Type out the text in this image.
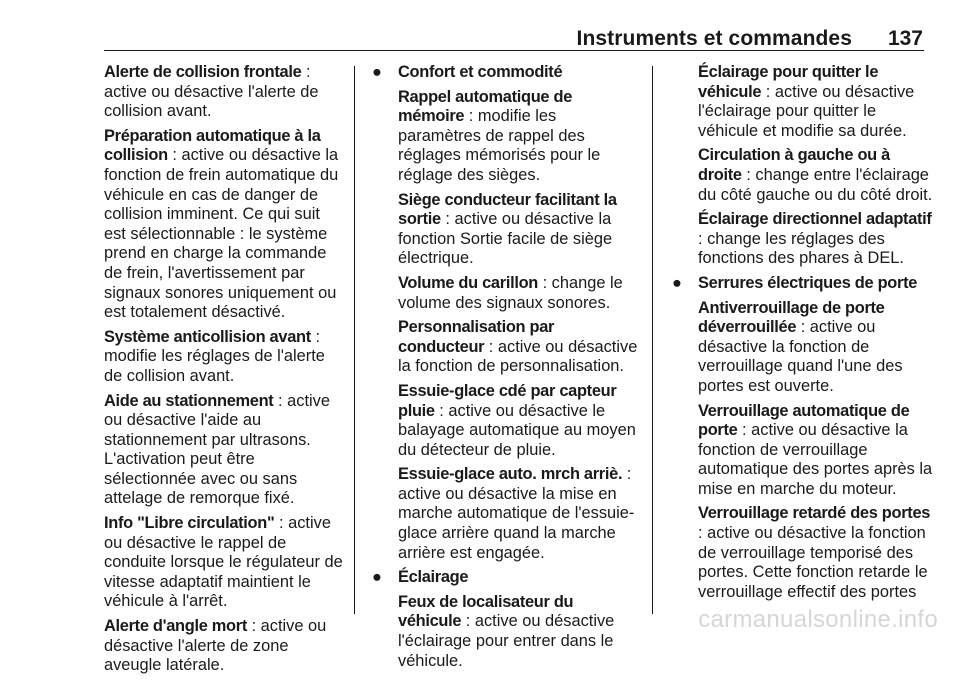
Instruments et commandes 137

Alerte de collision frontale : active ou désactive l'alerte de collision avant.

Préparation automatique à la collision : active ou désactive la fonction de frein automatique du véhicule en cas de danger de collision imminent. Ce qui suit est sélectionnable : le système prend en charge la commande de frein, l'avertissement par signaux sonores uniquement ou est totalement désactivé.

Système anticollision avant : modifie les réglages de l'alerte de collision avant.

Aide au stationnement : active ou désactive l'aide au stationnement par ultrasons. L'activation peut être sélectionnée avec ou sans attelage de remorque fixé.

Info "Libre circulation" : active ou désactive le rappel de conduite lorsque le régulateur de vitesse adaptatif maintient le véhicule à l'arrêt.

Alerte d'angle mort : active ou désactive l'alerte de zone aveugle latérale.

● Confort et commodité

Rappel automatique de mémoire : modifie les paramètres de rappel des réglages mémorisés pour le réglage des sièges.

Siège conducteur facilitant la sortie : active ou désactive la fonction Sortie facile de siège électrique.

Volume du carillon : change le volume des signaux sonores.

Personnalisation par conducteur : active ou désactive la fonction de personnalisation.

Essuie-glace cdé par capteur pluie : active ou désactive le balayage automatique au moyen du détecteur de pluie.

Essuie-glace auto. mrch arriè. : active ou désactive la mise en marche automatique de l'essuie-glace arrière quand la marche arrière est engagée.

● Éclairage

Feux de localisateur du véhicule : active ou désactive l'éclairage pour entrer dans le véhicule.

Éclairage pour quitter le véhicule : active ou désactive l'éclairage pour quitter le véhicule et modifie sa durée.

Circulation à gauche ou à droite : change entre l'éclairage du côté gauche ou du côté droit.

Éclairage directionnel adaptatif : change les réglages des fonctions des phares à DEL.

● Serrures électriques de porte

Antiverrouillage de porte déverrouillée : active ou désactive la fonction de verrouillage quand l'une des portes est ouverte.

Verrouillage automatique de porte : active ou désactive la fonction de verrouillage automatique des portes après la mise en marche du moteur.

Verrouillage retardé des portes : active ou désactive la fonction de verrouillage temporisé des portes. Cette fonction retarde le verrouillage effectif des portes

carmanualsonline.info
